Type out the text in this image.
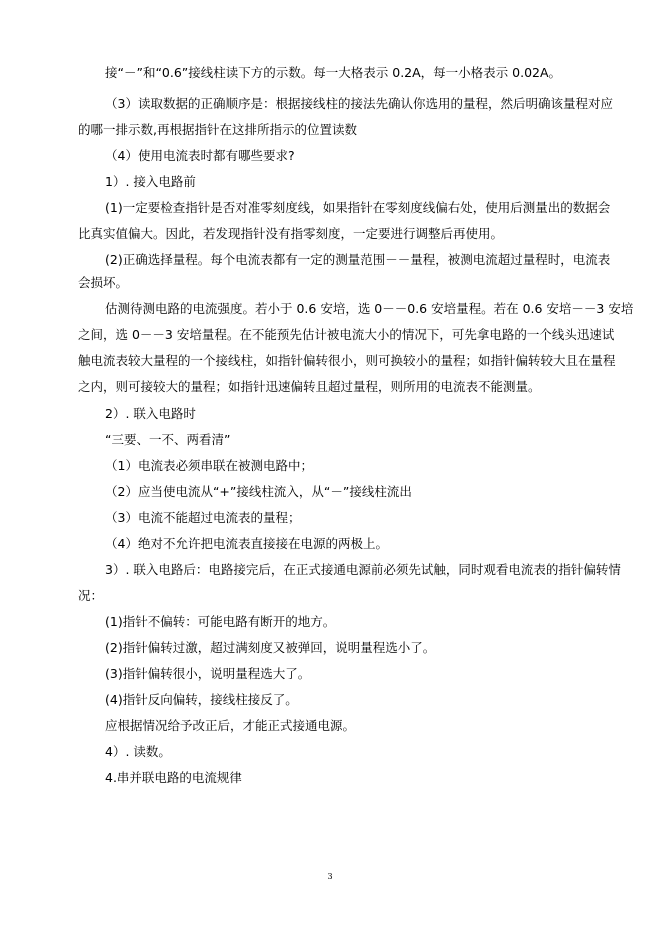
接“－”和“0.6”接线柱读下方的示数。每一大格表示 0.2A，每一小格表示 0.02A。
（3）读取数据的正确顺序是：根据接线柱的接法先确认你选用的量程，然后明确该量程对应
的哪一排示数,再根据指针在这排所指示的位置读数
（4）使用电流表时都有哪些要求?
1）. 接入电路前
(1)一定要检查指针是否对准零刻度线，如果指针在零刻度线偏右处，使用后测量出的数据会
比真实值偏大。因此，若发现指针没有指零刻度，一定要进行调整后再使用。
(2)正确选择量程。每个电流表都有一定的测量范围－－量程，被测电流超过量程时，电流表
会损坏。
估测待测电路的电流强度。若小于 0.6 安培，选 0－－0.6 安培量程。若在 0.6 安培－－3 安培
之间，选 0－－3 安培量程。在不能预先估计被电流大小的情况下，可先拿电路的一个线头迅速试
触电流表较大量程的一个接线柱，如指针偏转很小，则可换较小的量程；如指针偏转较大且在量程
之内，则可接较大的量程；如指针迅速偏转且超过量程，则所用的电流表不能测量。
2）. 联入电路时
“三要、一不、两看清”
（1）电流表必须串联在被测电路中；
（2）应当使电流从“+”接线柱流入，从“－”接线柱流出
（3）电流不能超过电流表的量程；
（4）绝对不允许把电流表直接接在电源的两极上。
3）. 联入电路后：电路接完后，在正式接通电源前必须先试触，同时观看电流表的指针偏转情
况：
(1)指针不偏转：可能电路有断开的地方。
(2)指针偏转过激，超过满刻度又被弹回，说明量程选小了。
(3)指针偏转很小，说明量程选大了。
(4)指针反向偏转，接线柱接反了。
应根据情况给予改正后，才能正式接通电源。
4）. 读数。
4.串并联电路的电流规律
3
